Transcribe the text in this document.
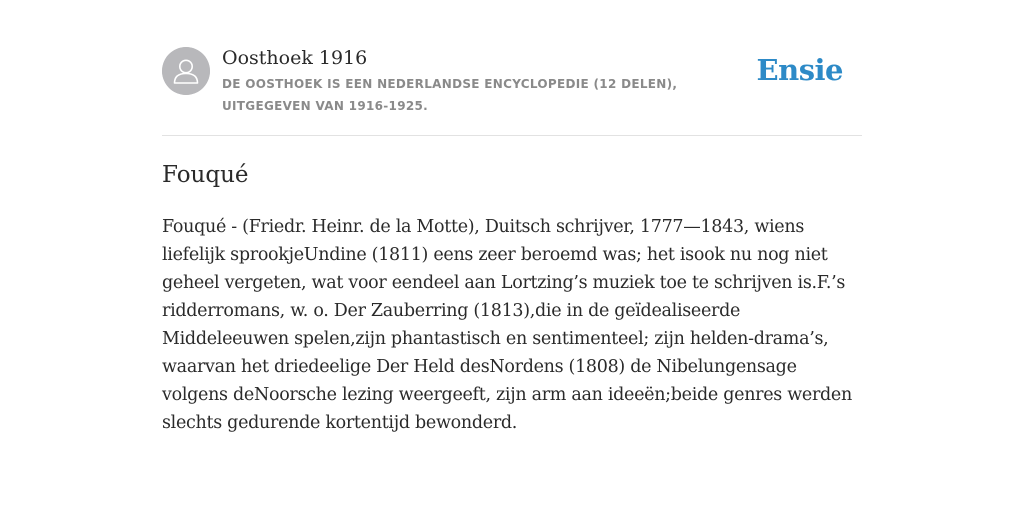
Oosthoek 1916
DE OOSTHOEK IS EEN NEDERLANDSE ENCYCLOPEDIE (12 DELEN), UITGEGEVEN VAN 1916-1925.
Ensie
Fouqué

Fouqué - (Friedr. Heinr. de la Motte), Duitsch schrijver, 1777—1843, wiens liefelijk sprookjeUndine (1811) eens zeer beroemd was; het isook nu nog niet geheel vergeten, wat voor eendeel aan Lortzing’s muziek toe te schrijven is.F.’s ridderromans, w. o. Der Zauberring (1813),die in de geïdealiseerde Middeleeuwen spelen,zijn phantastisch en sentimenteel; zijn helden-drama’s, waarvan het driedeelige Der Held desNordens (1808) de Nibelungensage volgens deNoorsche lezing weergeeft, zijn arm aan ideeën;beide genres werden slechts gedurende kortentijd bewonderd.
